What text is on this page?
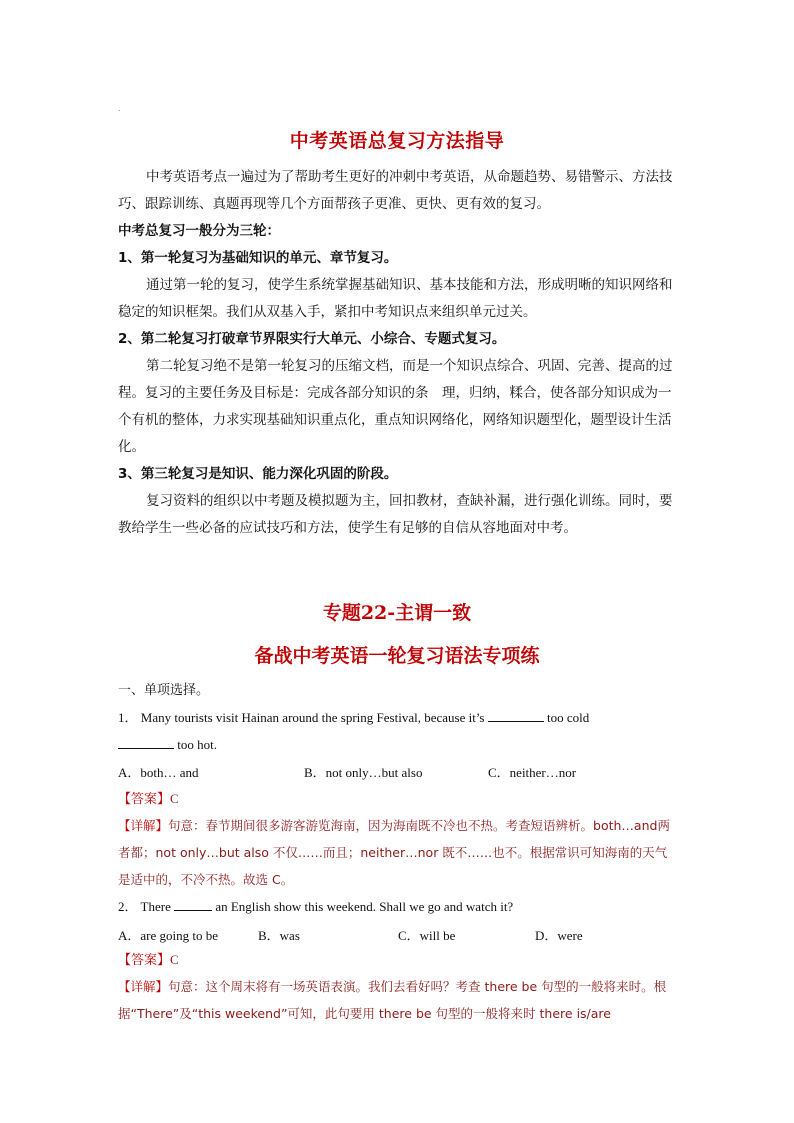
.
中考英语总复习方法指导

中考英语考点一遍过为了帮助考生更好的冲刺中考英语，从命题趋势、易错警示、方法技巧、跟踪训练、真题再现等几个方面帮孩子更准、更快、更有效的复习。

中考总复习一般分为三轮：

1、第一轮复习为基础知识的单元、章节复习。

通过第一轮的复习，使学生系统掌握基础知识、基本技能和方法，形成明晰的知识网络和稳定的知识框架。我们从双基入手，紧扣中考知识点来组织单元过关。

2、第二轮复习打破章节界限实行大单元、小综合、专题式复习。

第二轮复习绝不是第一轮复习的压缩文档，而是一个知识点综合、巩固、完善、提高的过程。复习的主要任务及目标是：完成各部分知识的条　理，归纳，糅合，使各部分知识成为一个有机的整体，力求实现基础知识重点化，重点知识网络化，网络知识题型化，题型设计生活化。

3、第三轮复习是知识、能力深化巩固的阶段。

复习资料的组织以中考题及模拟题为主，回扣教材，查缺补漏，进行强化训练。同时，要教给学生一些必备的应试技巧和方法，使学生有足够的自信从容地面对中考。

专题22-主谓一致
备战中考英语一轮复习语法专项练

一、单项选择。

1． Many tourists visit Hainan around the spring Festival, because it’s	too cold

too hot.

A．both… and	B．not only…but also	C．neither…nor

【答案】C

【详解】句意：春节期间很多游客游览海南，因为海南既不冷也不热。考查短语辨析。both…and两者都；not only…but also 不仅……而且；neither…nor 既不……也不。根据常识可知海南的天气是适中的，不冷不热。故选 C。

2． There	an English show this weekend. Shall we go and watch it?

A．are going to be	B．was	C．will be	D．were

【答案】C

【详解】句意：这个周末将有一场英语表演。我们去看好吗？考查 there be 句型的一般将来时。根据“There”及“this weekend”可知，此句要用 there be 句型的一般将来时 there is/are
